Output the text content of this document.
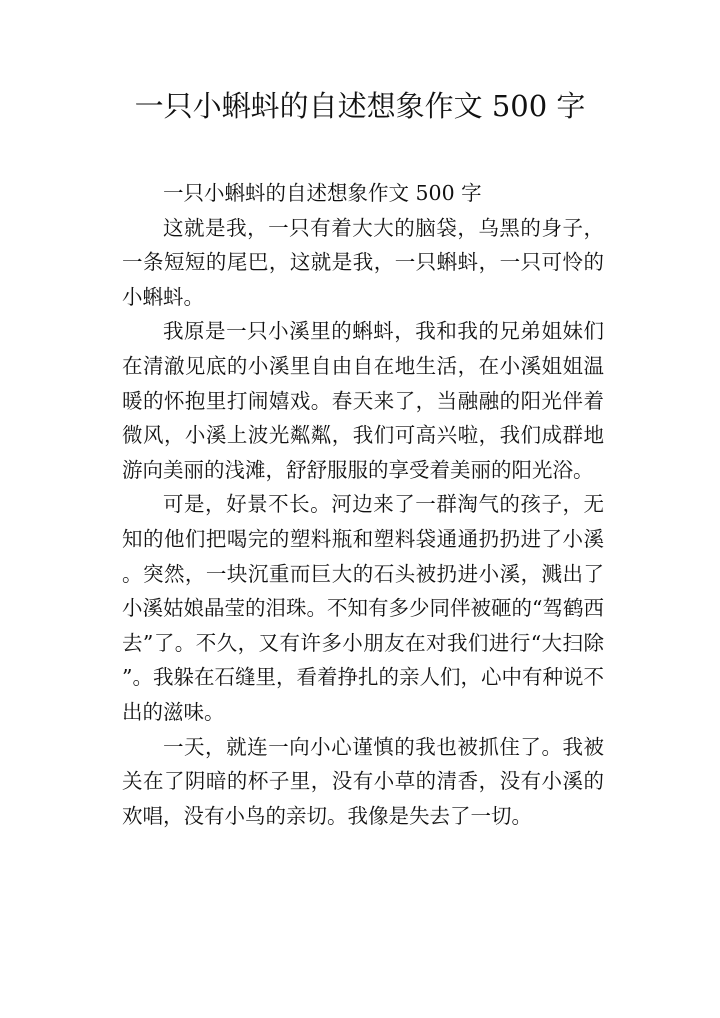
一只小蝌蚪的自述想象作文 500 字

一只小蝌蚪的自述想象作文 500 字

这就是我，一只有着大大的脑袋，乌黑的身子，一条短短的尾巴，这就是我，一只蝌蚪，一只可怜的小蝌蚪。

我原是一只小溪里的蝌蚪，我和我的兄弟姐妹们在清澈见底的小溪里自由自在地生活，在小溪姐姐温暖的怀抱里打闹嬉戏。春天来了，当融融的阳光伴着微风，小溪上波光粼粼，我们可高兴啦，我们成群地游向美丽的浅滩，舒舒服服的享受着美丽的阳光浴。

可是，好景不长。河边来了一群淘气的孩子，无知的他们把喝完的塑料瓶和塑料袋通通扔扔进了小溪。突然，一块沉重而巨大的石头被扔进小溪，溅出了小溪姑娘晶莹的泪珠。不知有多少同伴被砸的“驾鹤西去”了。不久，又有许多小朋友在对我们进行“大扫除”。我躲在石缝里，看着挣扎的亲人们，心中有种说不出的滋味。

一天，就连一向小心谨慎的我也被抓住了。我被关在了阴暗的杯子里，没有小草的清香，没有小溪的欢唱，没有小鸟的亲切。我像是失去了一切。
